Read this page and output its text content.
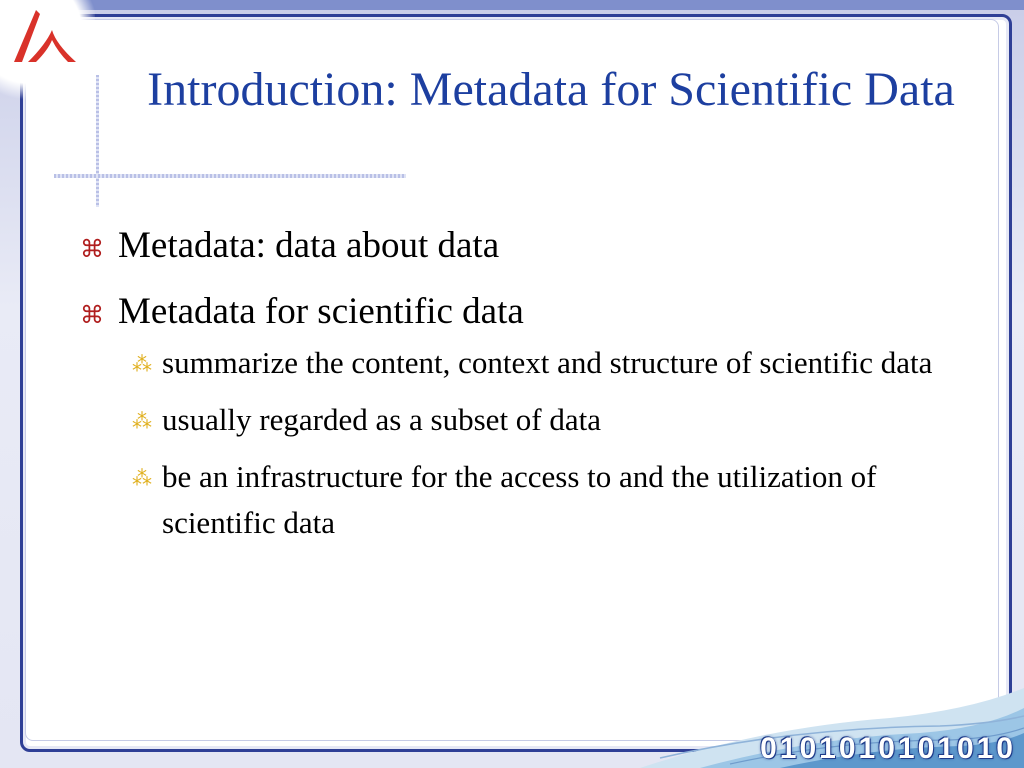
Introduction: Metadata for Scientific Data
⌘ Metadata: data about data
⌘ Metadata for scientific data
⁂ summarize the content, context and structure of scientific data
⁂ usually regarded as a subset of data
⁂ be an infrastructure for the access to and the utilization of scientific data
0101010101010
